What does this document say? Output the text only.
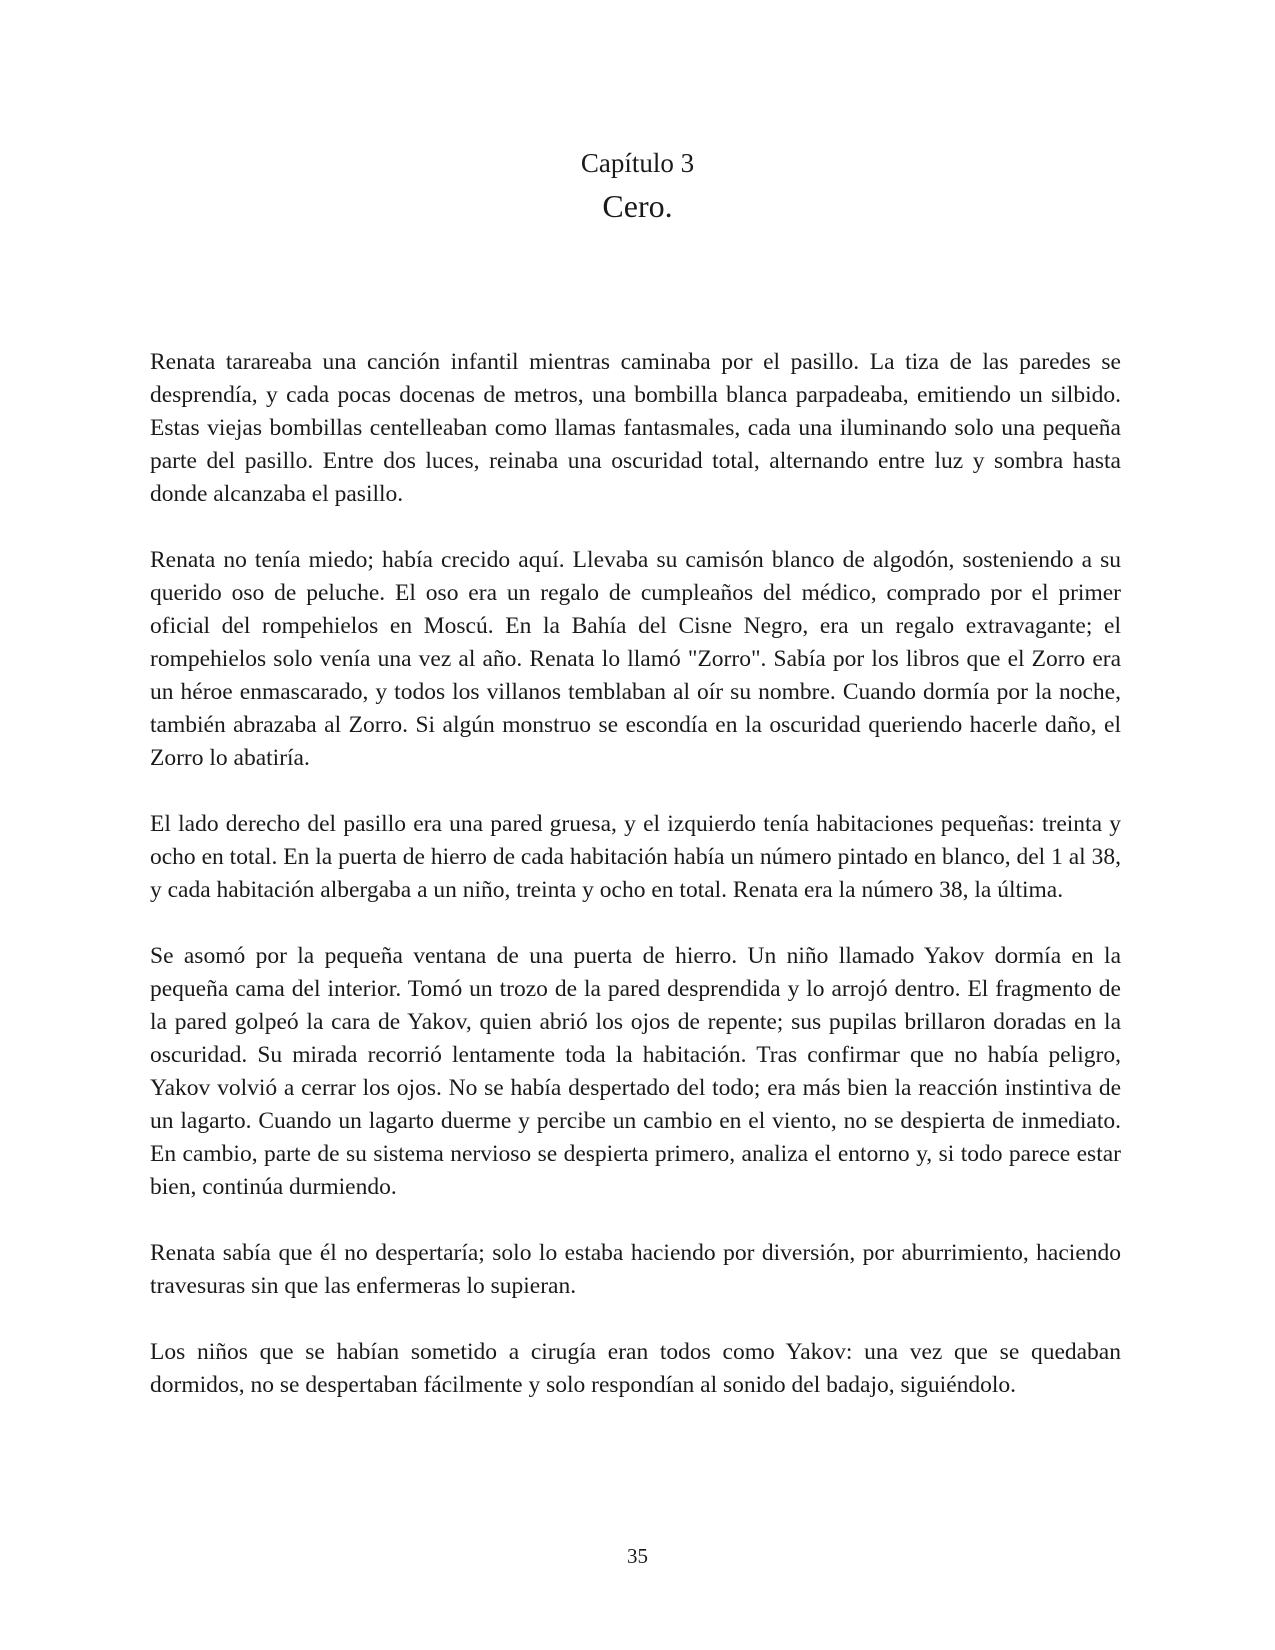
Capítulo 3
Cero.

Renata tarareaba una canción infantil mientras caminaba por el pasillo. La tiza de las paredes se desprendía, y cada pocas docenas de metros, una bombilla blanca parpadeaba, emitiendo un silbido. Estas viejas bombillas centelleaban como llamas fantasmales, cada una iluminando solo una pequeña parte del pasillo. Entre dos luces, reinaba una oscuridad total, alternando entre luz y sombra hasta donde alcanzaba el pasillo.

Renata no tenía miedo; había crecido aquí. Llevaba su camisón blanco de algodón, sosteniendo a su querido oso de peluche. El oso era un regalo de cumpleaños del médico, comprado por el primer oficial del rompehielos en Moscú. En la Bahía del Cisne Negro, era un regalo extravagante; el rompehielos solo venía una vez al año. Renata lo llamó "Zorro". Sabía por los libros que el Zorro era un héroe enmascarado, y todos los villanos temblaban al oír su nombre. Cuando dormía por la noche, también abrazaba al Zorro. Si algún monstruo se escondía en la oscuridad queriendo hacerle daño, el Zorro lo abatiría.

El lado derecho del pasillo era una pared gruesa, y el izquierdo tenía habitaciones pequeñas: treinta y ocho en total. En la puerta de hierro de cada habitación había un número pintado en blanco, del 1 al 38, y cada habitación albergaba a un niño, treinta y ocho en total. Renata era la número 38, la última.

Se asomó por la pequeña ventana de una puerta de hierro. Un niño llamado Yakov dormía en la pequeña cama del interior. Tomó un trozo de la pared desprendida y lo arrojó dentro. El fragmento de la pared golpeó la cara de Yakov, quien abrió los ojos de repente; sus pupilas brillaron doradas en la oscuridad. Su mirada recorrió lentamente toda la habitación. Tras confirmar que no había peligro, Yakov volvió a cerrar los ojos. No se había despertado del todo; era más bien la reacción instintiva de un lagarto. Cuando un lagarto duerme y percibe un cambio en el viento, no se despierta de inmediato. En cambio, parte de su sistema nervioso se despierta primero, analiza el entorno y, si todo parece estar bien, continúa durmiendo.

Renata sabía que él no despertaría; solo lo estaba haciendo por diversión, por aburrimiento, haciendo travesuras sin que las enfermeras lo supieran.

Los niños que se habían sometido a cirugía eran todos como Yakov: una vez que se quedaban dormidos, no se despertaban fácilmente y solo respondían al sonido del badajo, siguiéndolo.

35
